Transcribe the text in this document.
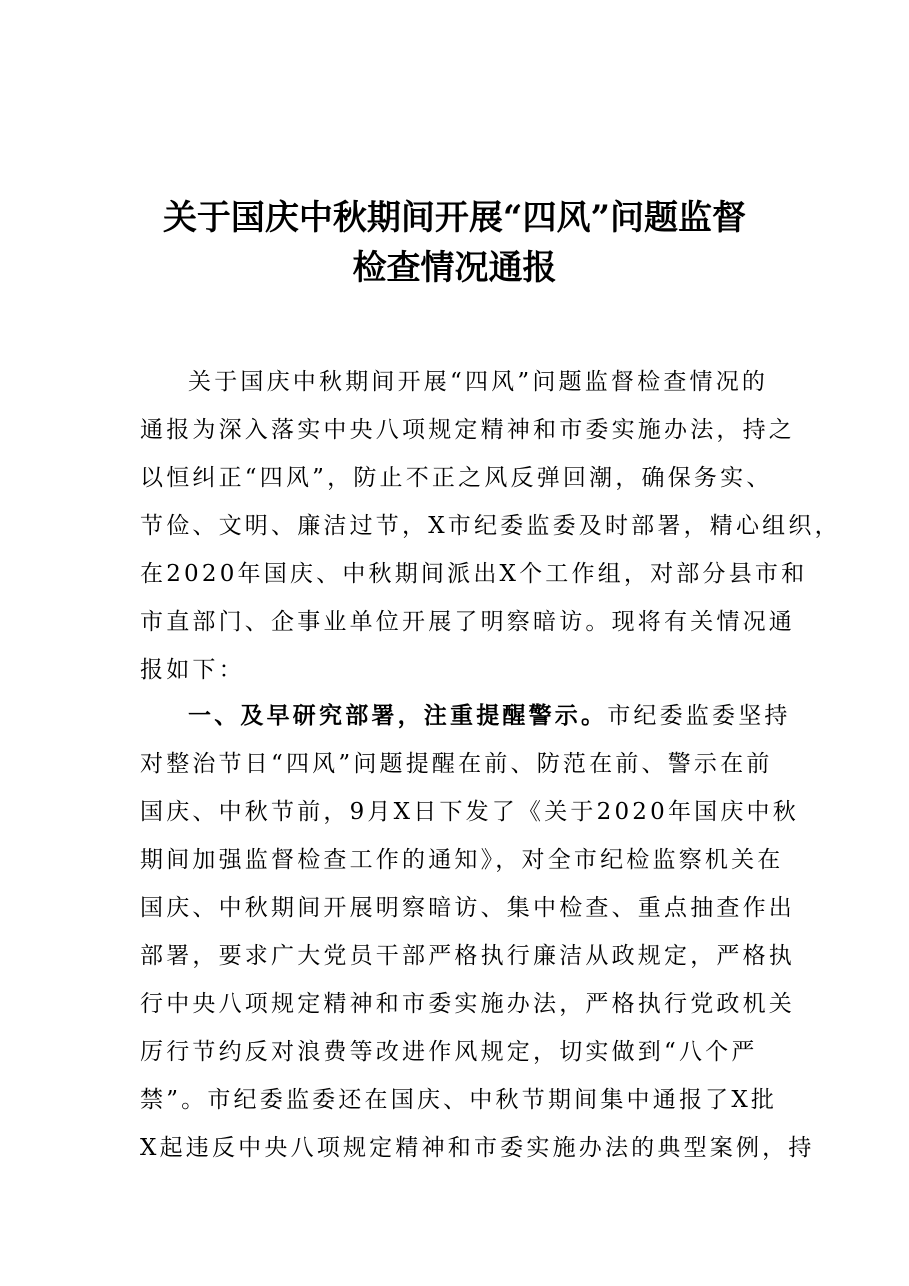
关于国庆中秋期间开展“四风”问题监督
检查情况通报
一、及早研究部署，注重提醒警示。市纪委监委坚持
关于国庆中秋期间开展“四风”问题监督检查情况的
通报为深入落实中央八项规定精神和市委实施办法，持之
以恒纠正“四风”，防止不正之风反弹回潮，确保务实、
节俭、文明、廉洁过节，X市纪委监委及时部署，精心组织，
在2020年国庆、中秋期间派出X个工作组，对部分县市和
市直部门、企事业单位开展了明察暗访。现将有关情况通
报如下：
对整治节日“四风”问题提醒在前、防范在前、警示在前
国庆、中秋节前，9月X日下发了《关于2020年国庆中秋
期间加强监督检查工作的通知》，对全市纪检监察机关在
国庆、中秋期间开展明察暗访、集中检查、重点抽查作出
部署，要求广大党员干部严格执行廉洁从政规定，严格执
行中央八项规定精神和市委实施办法，严格执行党政机关
厉行节约反对浪费等改进作风规定，切实做到“八个严
禁”。市纪委监委还在国庆、中秋节期间集中通报了X批
X起违反中央八项规定精神和市委实施办法的典型案例，持
